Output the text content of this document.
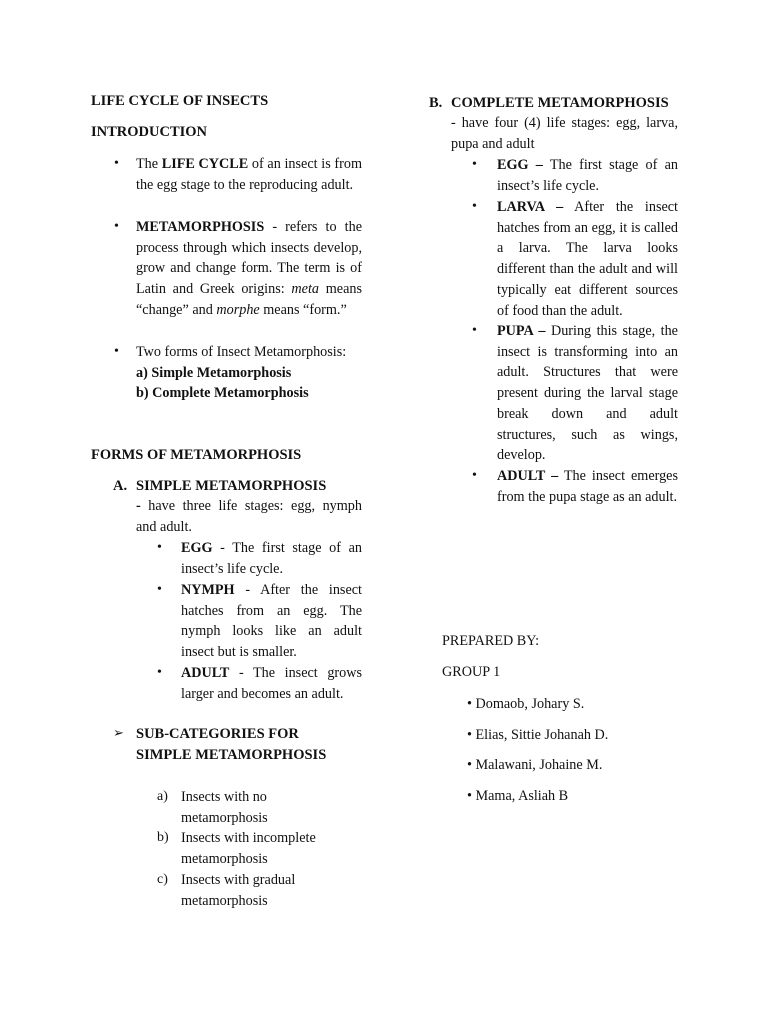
LIFE CYCLE OF INSECTS
INTRODUCTION
• The LIFE CYCLE of an insect is from the egg stage to the reproducing adult.
• METAMORPHOSIS - refers to the process through which insects develop, grow and change form. The term is of Latin and Greek origins: meta means “change” and morphe means “form.”
• Two forms of Insect Metamorphosis:
a) Simple Metamorphosis
b) Complete Metamorphosis
FORMS OF METAMORPHOSIS
A. SIMPLE METAMORPHOSIS
- have three life stages: egg, nymph and adult.
• EGG - The first stage of an insect’s life cycle.
• NYMPH - After the insect hatches from an egg. The nymph looks like an adult insect but is smaller.
• ADULT - The insect grows larger and becomes an adult.
➢ SUB-CATEGORIES FOR
SIMPLE METAMORPHOSIS
a) Insects with no
metamorphosis
b) Insects with incomplete
metamorphosis
c) Insects with gradual
metamorphosis
B. COMPLETE METAMORPHOSIS
- have four (4) life stages: egg, larva, pupa and adult
• EGG – The first stage of an insect’s life cycle.
• LARVA – After the insect hatches from an egg, it is called a larva. The larva looks different than the adult and will typically eat different sources of food than the adult.
• PUPA – During this stage, the insect is transforming into an adult. Structures that were present during the larval stage break down and adult structures, such as wings, develop.
• ADULT – The insect emerges from the pupa stage as an adult.
PREPARED BY:
GROUP 1
• Domaob, Johary S.
• Elias, Sittie Johanah D.
• Malawani, Johaine M.
• Mama, Asliah B
